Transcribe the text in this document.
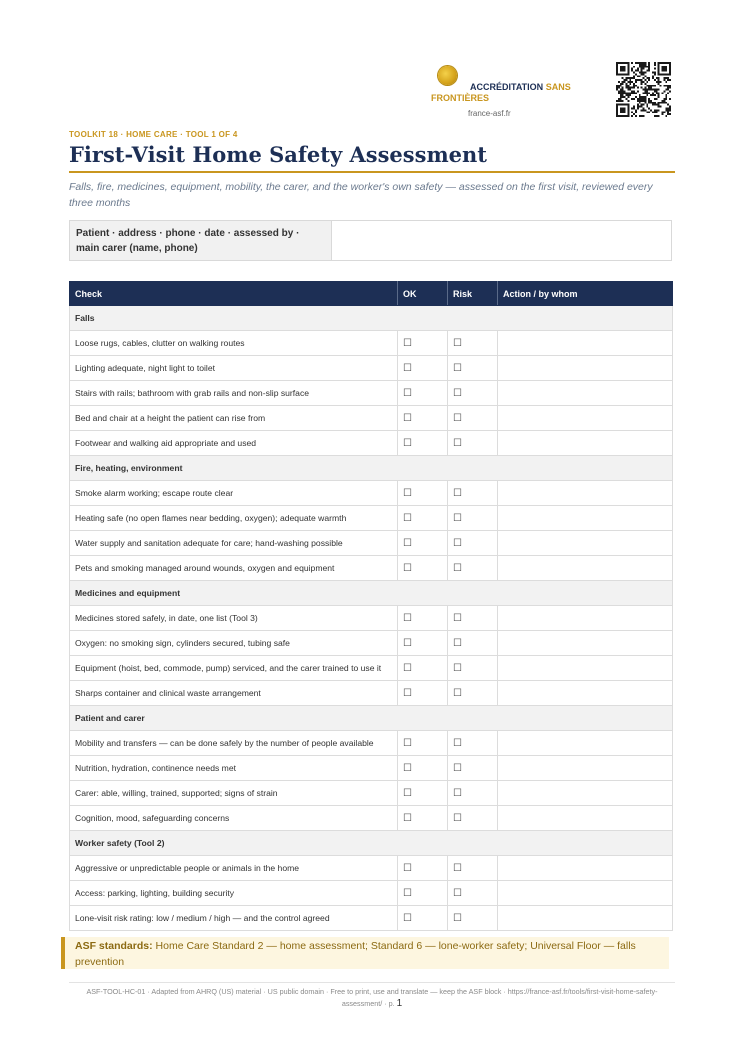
ACCRÉDITATION SANS
FRONTIÈRES
france-asf.fr
TOOLKIT 18 · HOME CARE · TOOL 1 OF 4
First-Visit Home Safety Assessment

Falls, fire, medicines, equipment, mobility, the carer, and the worker's own safety — assessed on the first visit, reviewed every three months

Patient · address · phone · date · assessed by · main carer (name, phone)
Check	OK	Risk	Action / by whom
Falls			
Loose rugs, cables, clutter on walking routes	☐	☐	
Lighting adequate, night light to toilet	☐	☐	
Stairs with rails; bathroom with grab rails and non-slip surface	☐	☐	
Bed and chair at a height the patient can rise from	☐	☐	
Footwear and walking aid appropriate and used	☐	☐	
Fire, heating, environment			
Smoke alarm working; escape route clear	☐	☐	
Heating safe (no open flames near bedding, oxygen); adequate warmth	☐	☐	
Water supply and sanitation adequate for care; hand-washing possible	☐	☐	
Pets and smoking managed around wounds, oxygen and equipment	☐	☐	
Medicines and equipment			
Medicines stored safely, in date, one list (Tool 3)	☐	☐	
Oxygen: no smoking sign, cylinders secured, tubing safe	☐	☐	
Equipment (hoist, bed, commode, pump) serviced, and the carer trained to use it	☐	☐	
Sharps container and clinical waste arrangement	☐	☐	
Patient and carer			
Mobility and transfers — can be done safely by the number of people available	☐	☐	
Nutrition, hydration, continence needs met	☐	☐	
Carer: able, willing, trained, supported; signs of strain	☐	☐	
Cognition, mood, safeguarding concerns	☐	☐	
Worker safety (Tool 2)			
Aggressive or unpredictable people or animals in the home	☐	☐	
Access: parking, lighting, building security	☐	☐	
Lone-visit risk rating: low / medium / high — and the control agreed	☐	☐	
ASF standards: Home Care Standard 2 — home assessment; Standard 6 — lone-worker safety; Universal Floor — falls prevention
ASF-TOOL-HC-01 · Adapted from AHRQ (US) material · US public domain · Free to print, use and translate — keep the ASF block · https://france-asf.fr/tools/first-visit-home-safety-assessment/ · p. 1
